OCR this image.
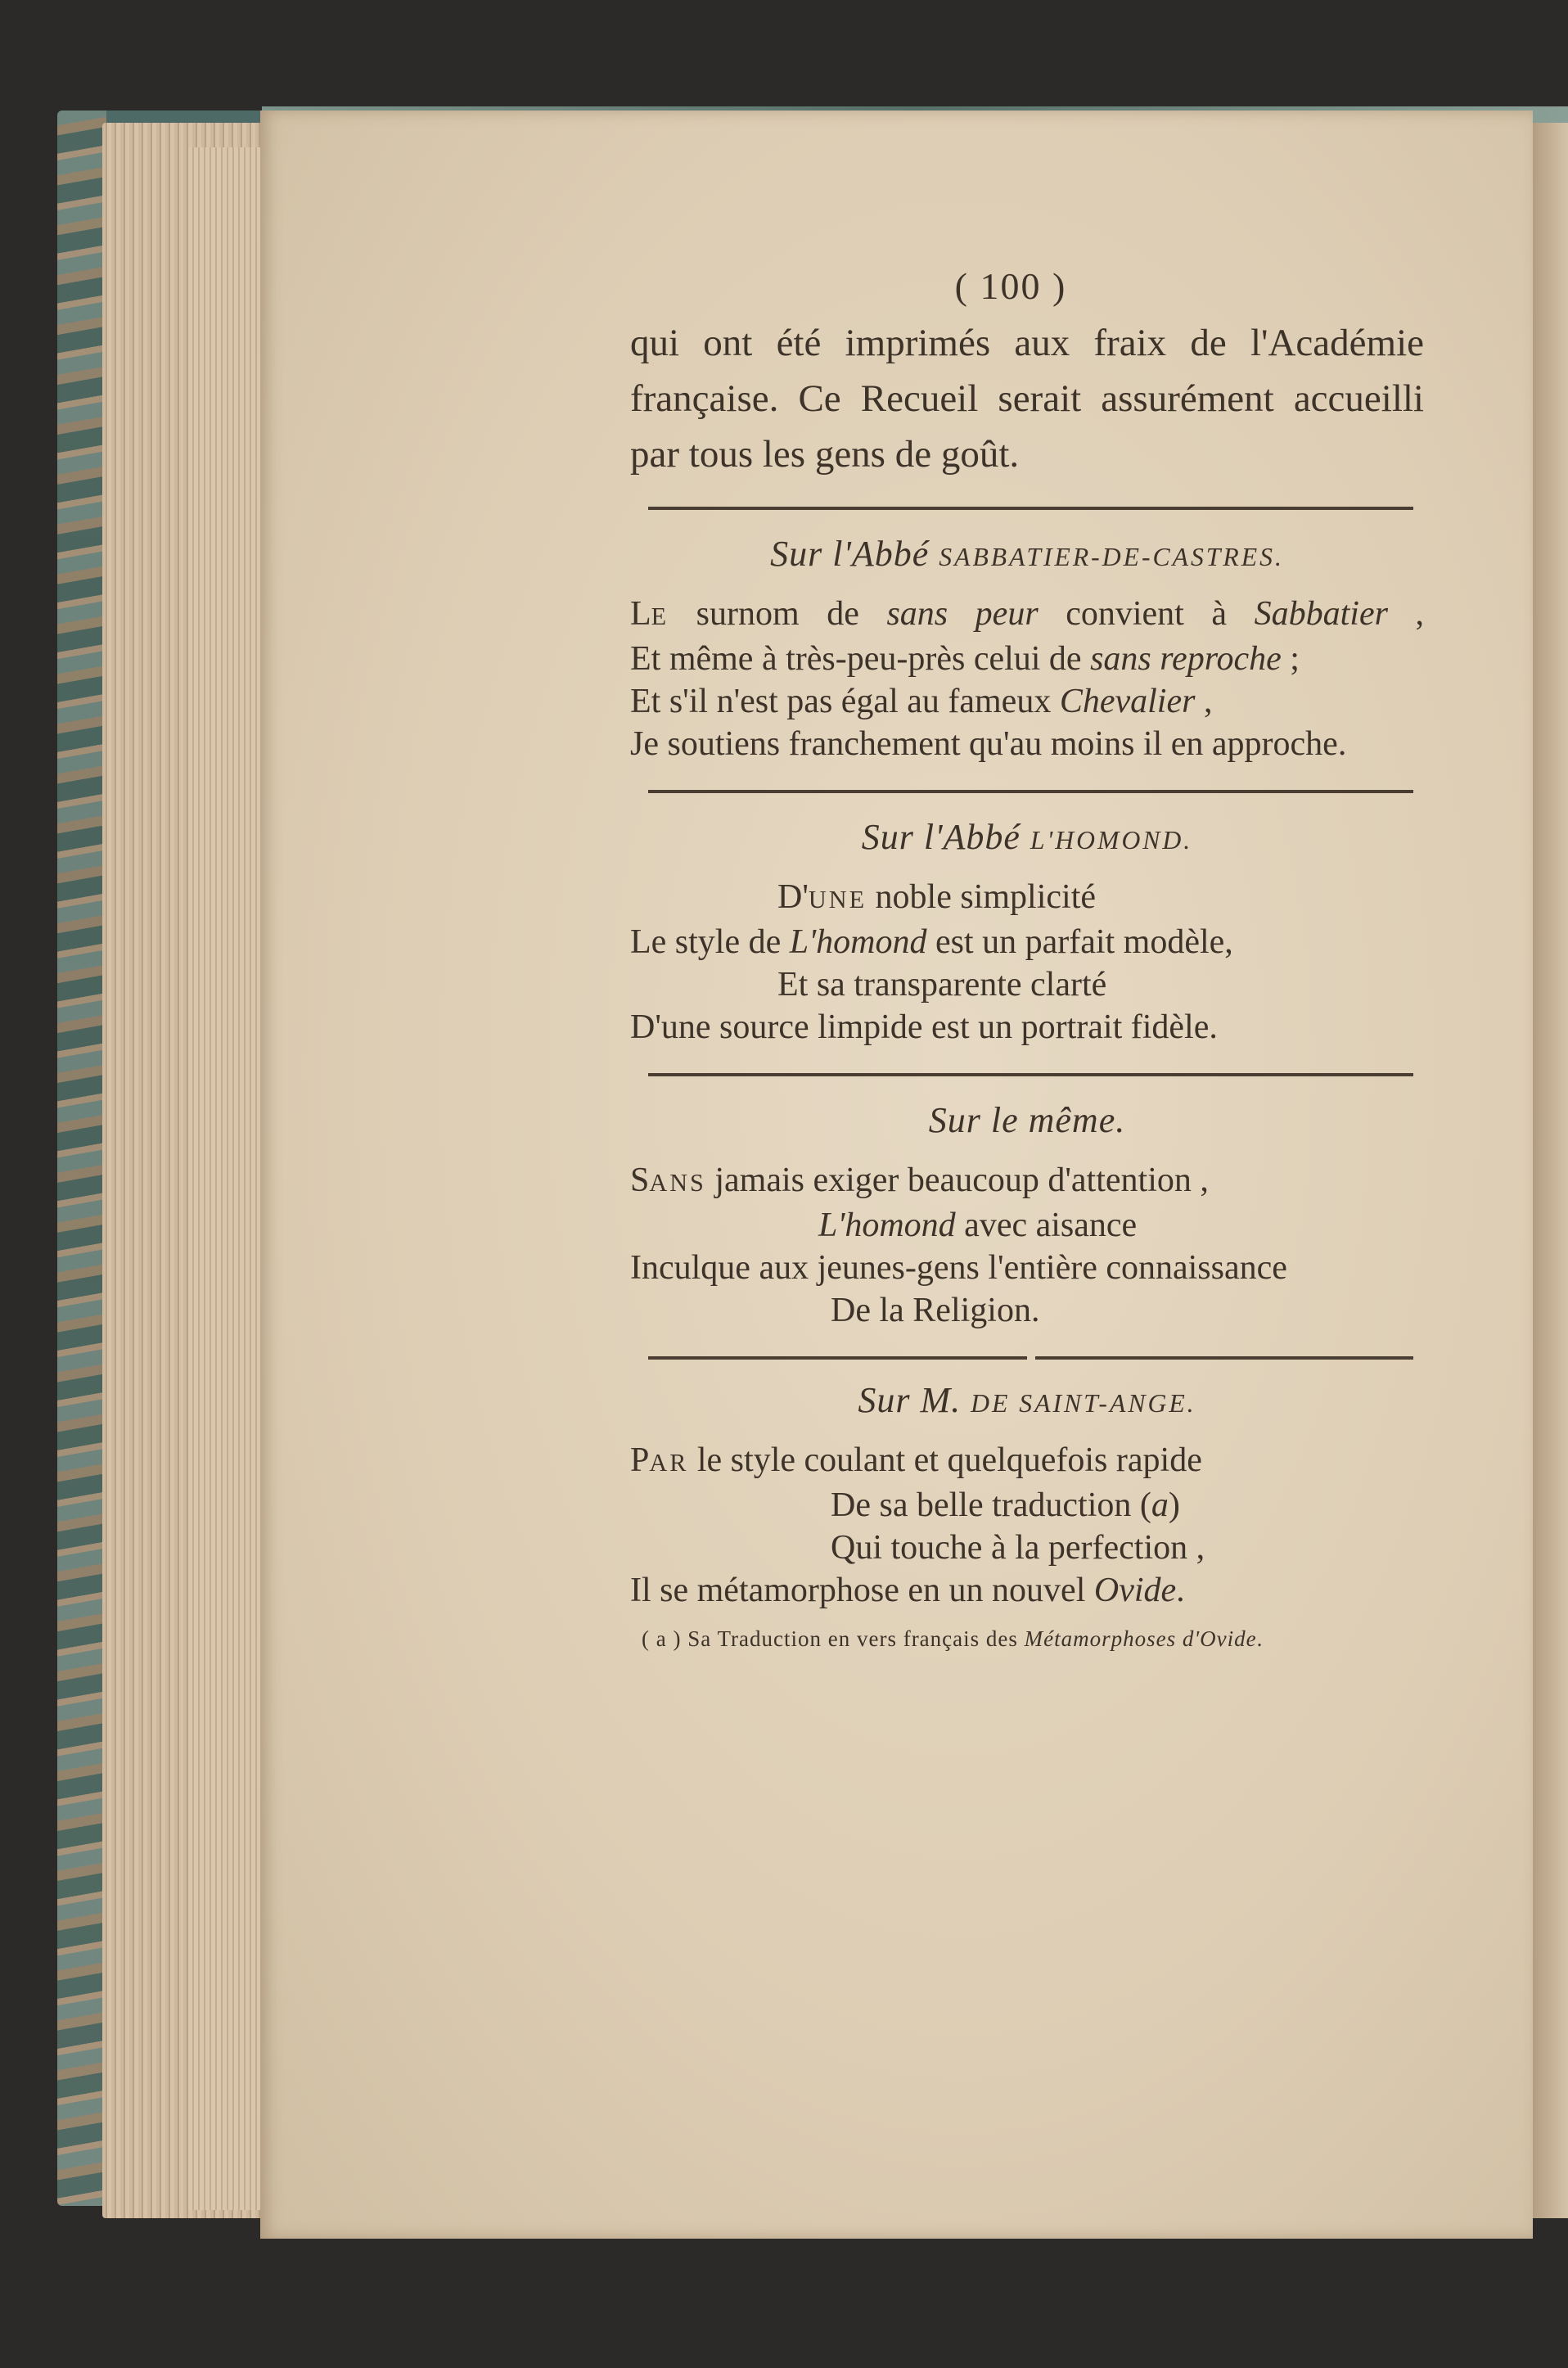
( 100 )

qui ont été imprimés aux fraix de l'Académie

française. Ce Recueil serait assurément accueilli

par tous les gens de goût.

Sur l'Abbé SABBATIER-DE-CASTRES.
LE surnom de sans peur convient à Sabbatier ,
Et même à très-peu-près celui de sans reproche ;
Et s'il n'est pas égal au fameux Chevalier ,
Je soutiens franchement qu'au moins il en approche.
Sur l'Abbé L'HOMOND.
D'UNE noble simplicité
Le style de L'homond est un parfait modèle,
Et sa transparente clarté
D'une source limpide est un portrait fidèle.
Sur le même.
SANS jamais exiger beaucoup d'attention ,
L'homond avec aisance
Inculque aux jeunes-gens l'entière connaissance
De la Religion.
Sur M. DE SAINT-ANGE.
PAR le style coulant et quelquefois rapide
De sa belle traduction (a)
Qui touche à la perfection ,
Il se métamorphose en un nouvel Ovide.
( a ) Sa Traduction en vers français des Métamorphoses d'Ovide.
